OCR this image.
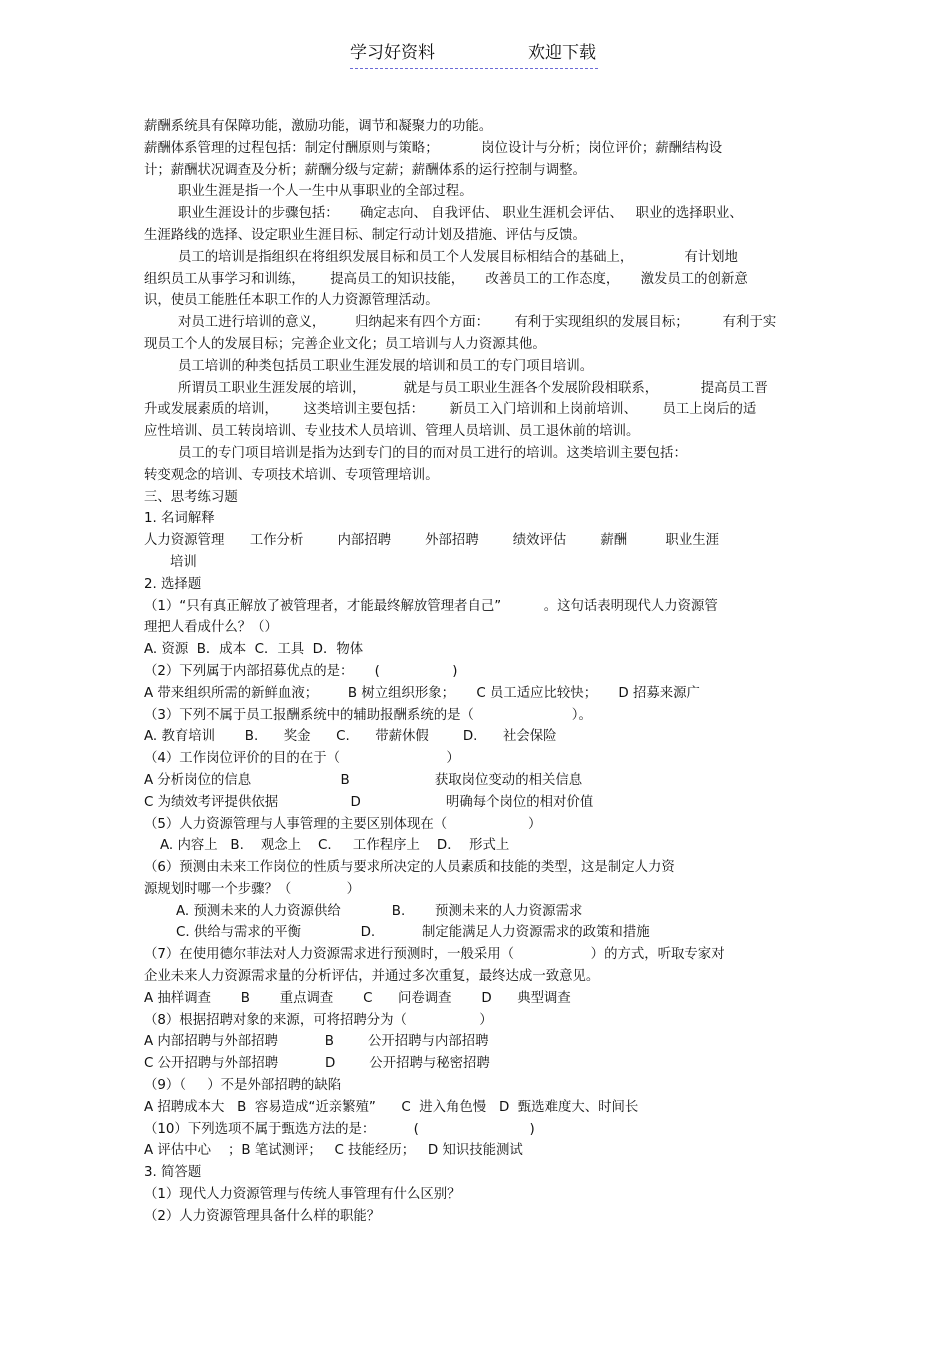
学习好资料	欢迎下载
薪酬系统具有保障功能，激励功能，调节和凝聚力的功能。
薪酬体系管理的过程包括：制定付酬原则与策略；          岗位设计与分析；岗位评价；薪酬结构设
计；薪酬状况调查及分析；薪酬分级与定薪；薪酬体系的运行控制与调整。
职业生涯是指一个人一生中从事职业的全部过程。
职业生涯设计的步骤包括：     确定志向、 自我评估、 职业生涯机会评估、   职业的选择职业、
生涯路线的选择、设定职业生涯目标、制定行动计划及措施、评估与反馈。
员工的培训是指组织在将组织发展目标和员工个人发展目标相结合的基础上，            有计划地
组织员工从事学习和训练，      提高员工的知识技能，     改善员工的工作态度，     激发员工的创新意
识，使员工能胜任本职工作的人力资源管理活动。
对员工进行培训的意义，       归纳起来有四个方面：      有利于实现组织的发展目标；        有利于实
现员工个人的发展目标；完善企业文化；员工培训与人力资源其他。
员工培训的种类包括员工职业生涯发展的培训和员工的专门项目培训。
所谓员工职业生涯发展的培训，         就是与员工职业生涯各个发展阶段相联系，          提高员工晋
升或发展素质的培训，      这类培训主要包括：      新员工入门培训和上岗前培训、      员工上岗后的适
应性培训、员工转岗培训、专业技术人员培训、管理人员培训、员工退休前的培训。
员工的专门项目培训是指为达到专门的目的而对员工进行的培训。这类培训主要包括：
转变观念的培训、专项技术培训、专项管理培训。
三、思考练习题
1. 名词解释
人力资源管理      工作分析        内部招聘        外部招聘        绩效评估        薪酬         职业生涯
培训
2. 选择题
（1）“只有真正解放了被管理者，才能最终解放管理者自己”          。这句话表明现代人力资源管
理把人看成什么？（）
A. 资源  B．成本  C．工具  D．物体
（2）下列属于内部招募优点的是：     (                 )
A 带来组织所需的新鲜血液；       B 树立组织形象；     C 员工适应比较快；     D 招募来源广
（3）下列不属于员工报酬系统中的辅助报酬系统的是（                       ）。
A. 教育培训       B.      奖金      C.      带薪休假        D.      社会保险
（4）工作岗位评价的目的在于（                         ）
A 分析岗位的信息                     B                    获取岗位变动的相关信息
C 为绩效考评提供依据                 D                    明确每个岗位的相对价值
（5）人力资源管理与人事管理的主要区别体现在（                   ）
A. 内容上   B.    观念上    C.     工作程序上    D．  形式上
（6）预测由未来工作岗位的性质与要求所决定的人员素质和技能的类型，这是制定人力资
源规划时哪一个步骤？（             ）
A. 预测未来的人力资源供给            B.       预测未来的人力资源需求
C. 供给与需求的平衡              D.           制定能满足人力资源需求的政策和措施
（7）在使用德尔菲法对人力资源需求进行预测时，一般采用（                  ）的方式，听取专家对
企业未来人力资源需求量的分析评估，并通过多次重复，最终达成一致意见。
A 抽样调查       B       重点调查       C      问卷调查       D      典型调查
（8）根据招聘对象的来源，可将招聘分为（                 ）
A 内部招聘与外部招聘           B        公开招聘与内部招聘
C 公开招聘与外部招聘           D        公开招聘与秘密招聘
（9）（     ）不是外部招聘的缺陷
A 招聘成本大   B  容易造成“近亲繁殖”      C  进入角色慢   D  甄选难度大、时间长
（10）下列选项不属于甄选方法的是：         (                          )
A 评估中心    ；B 笔试测评；   C 技能经历；   D 知识技能测试
3. 简答题
（1）现代人力资源管理与传统人事管理有什么区别？
（2）人力资源管理具备什么样的职能？
